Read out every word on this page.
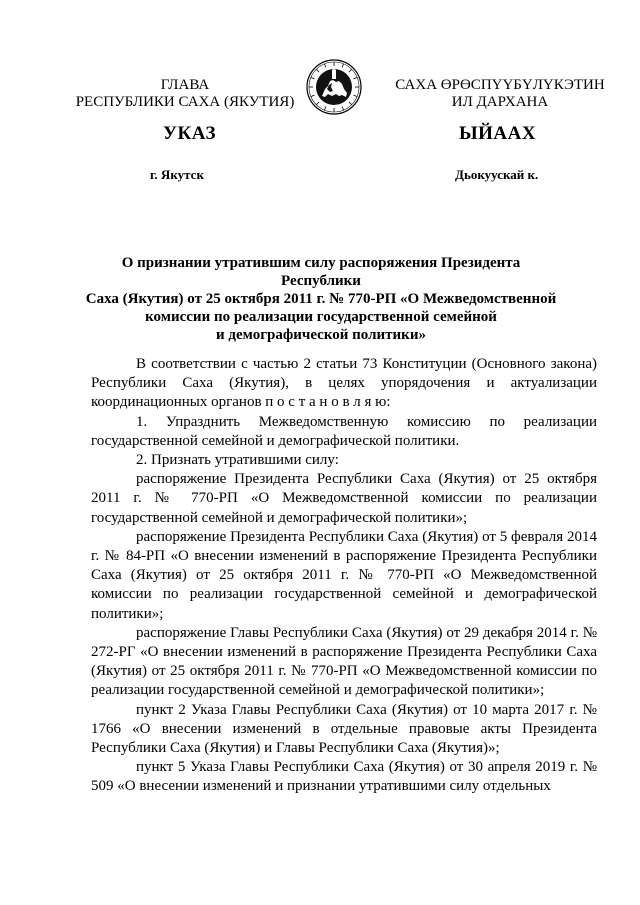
ГЛАВА
РЕСПУБЛИКИ САХА (ЯКУТИЯ)
САХА ӨРӨСПҮҮБҮЛҮКЭТИН
ИЛ ДАРХАНА
УКАЗ	ЫЙААХ
г. Якутск	Дьокуускай к.
О признании утратившим силу распоряжения Президента Республики
Саха (Якутия) от 25 октября 2011 г. № 770-РП «О Межведомственной
комиссии по реализации государственной семейной
и демографической политики»

В соответствии с частью 2 статьи 73 Конституции (Основного закона) Республики Саха (Якутия), в целях упорядочения и актуализации координационных органов п о с т а н о в л я ю:

1. Упразднить Межведомственную комиссию по реализации государственной семейной и демографической политики.

2. Признать утратившими силу:

распоряжение Президента Республики Саха (Якутия) от 25 октября 2011 г. № 770-РП «О Межведомственной комиссии по реализации государственной семейной и демографической политики»;

распоряжение Президента Республики Саха (Якутия) от 5 февраля 2014 г. № 84-РП «О внесении изменений в распоряжение Президента Республики Саха (Якутия) от 25 октября 2011 г. № 770-РП «О Межведомственной комиссии по реализации государственной семейной и демографической политики»;

распоряжение Главы Республики Саха (Якутия) от 29 декабря 2014 г. № 272-РГ «О внесении изменений в распоряжение Президента Республики Саха (Якутия) от 25 октября 2011 г. № 770-РП «О Межведомственной комиссии по реализации государственной семейной и демографической политики»;

пункт 2 Указа Главы Республики Саха (Якутия) от 10 марта 2017 г. № 1766 «О внесении изменений в отдельные правовые акты Президента Республики Саха (Якутия) и Главы Республики Саха (Якутия)»;

пункт 5 Указа Главы Республики Саха (Якутия) от 30 апреля 2019 г. № 509 «О внесении изменений и признании утратившими силу отдельных
